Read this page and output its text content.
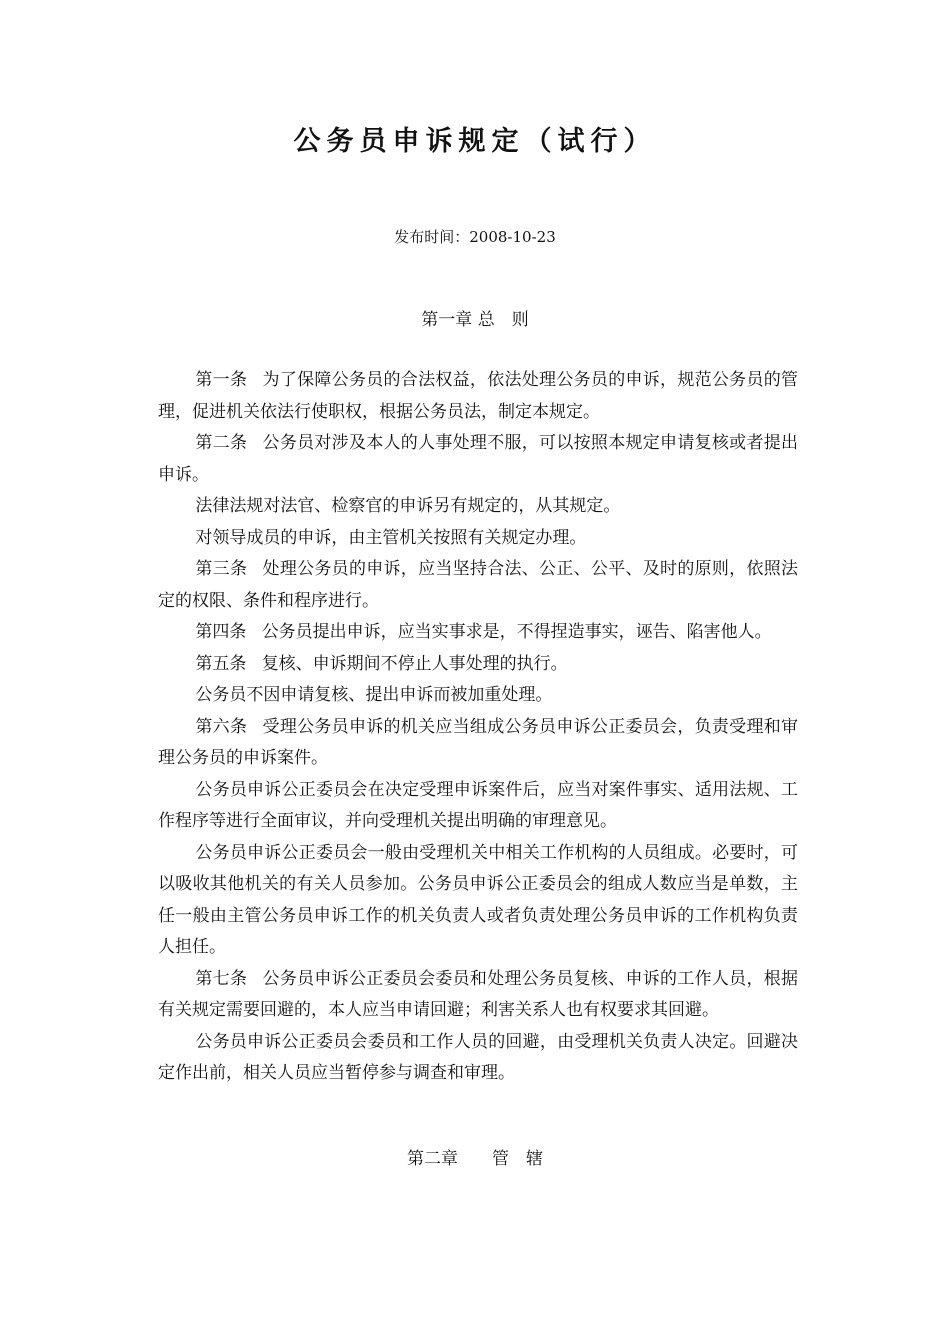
公务员申诉规定（试行）
发布时间：2008-10-23
第一章 总　则

第一条 为了保障公务员的合法权益，依法处理公务员的申诉，规范公务员的管理，促进机关依法行使职权，根据公务员法，制定本规定。

第二条 公务员对涉及本人的人事处理不服，可以按照本规定申请复核或者提出申诉。

法律法规对法官、检察官的申诉另有规定的，从其规定。

对领导成员的申诉，由主管机关按照有关规定办理。

第三条 处理公务员的申诉，应当坚持合法、公正、公平、及时的原则，依照法定的权限、条件和程序进行。

第四条 公务员提出申诉，应当实事求是，不得捏造事实，诬告、陷害他人。

第五条 复核、申诉期间不停止人事处理的执行。

公务员不因申请复核、提出申诉而被加重处理。

第六条 受理公务员申诉的机关应当组成公务员申诉公正委员会，负责受理和审理公务员的申诉案件。

公务员申诉公正委员会在决定受理申诉案件后，应当对案件事实、适用法规、工作程序等进行全面审议，并向受理机关提出明确的审理意见。

公务员申诉公正委员会一般由受理机关中相关工作机构的人员组成。必要时，可以吸收其他机关的有关人员参加。公务员申诉公正委员会的组成人数应当是单数，主任一般由主管公务员申诉工作的机关负责人或者负责处理公务员申诉的工作机构负责人担任。

第七条 公务员申诉公正委员会委员和处理公务员复核、申诉的工作人员，根据有关规定需要回避的，本人应当申请回避；利害关系人也有权要求其回避。

公务员申诉公正委员会委员和工作人员的回避，由受理机关负责人决定。回避决定作出前，相关人员应当暂停参与调查和审理。

第二章　　管　辖
